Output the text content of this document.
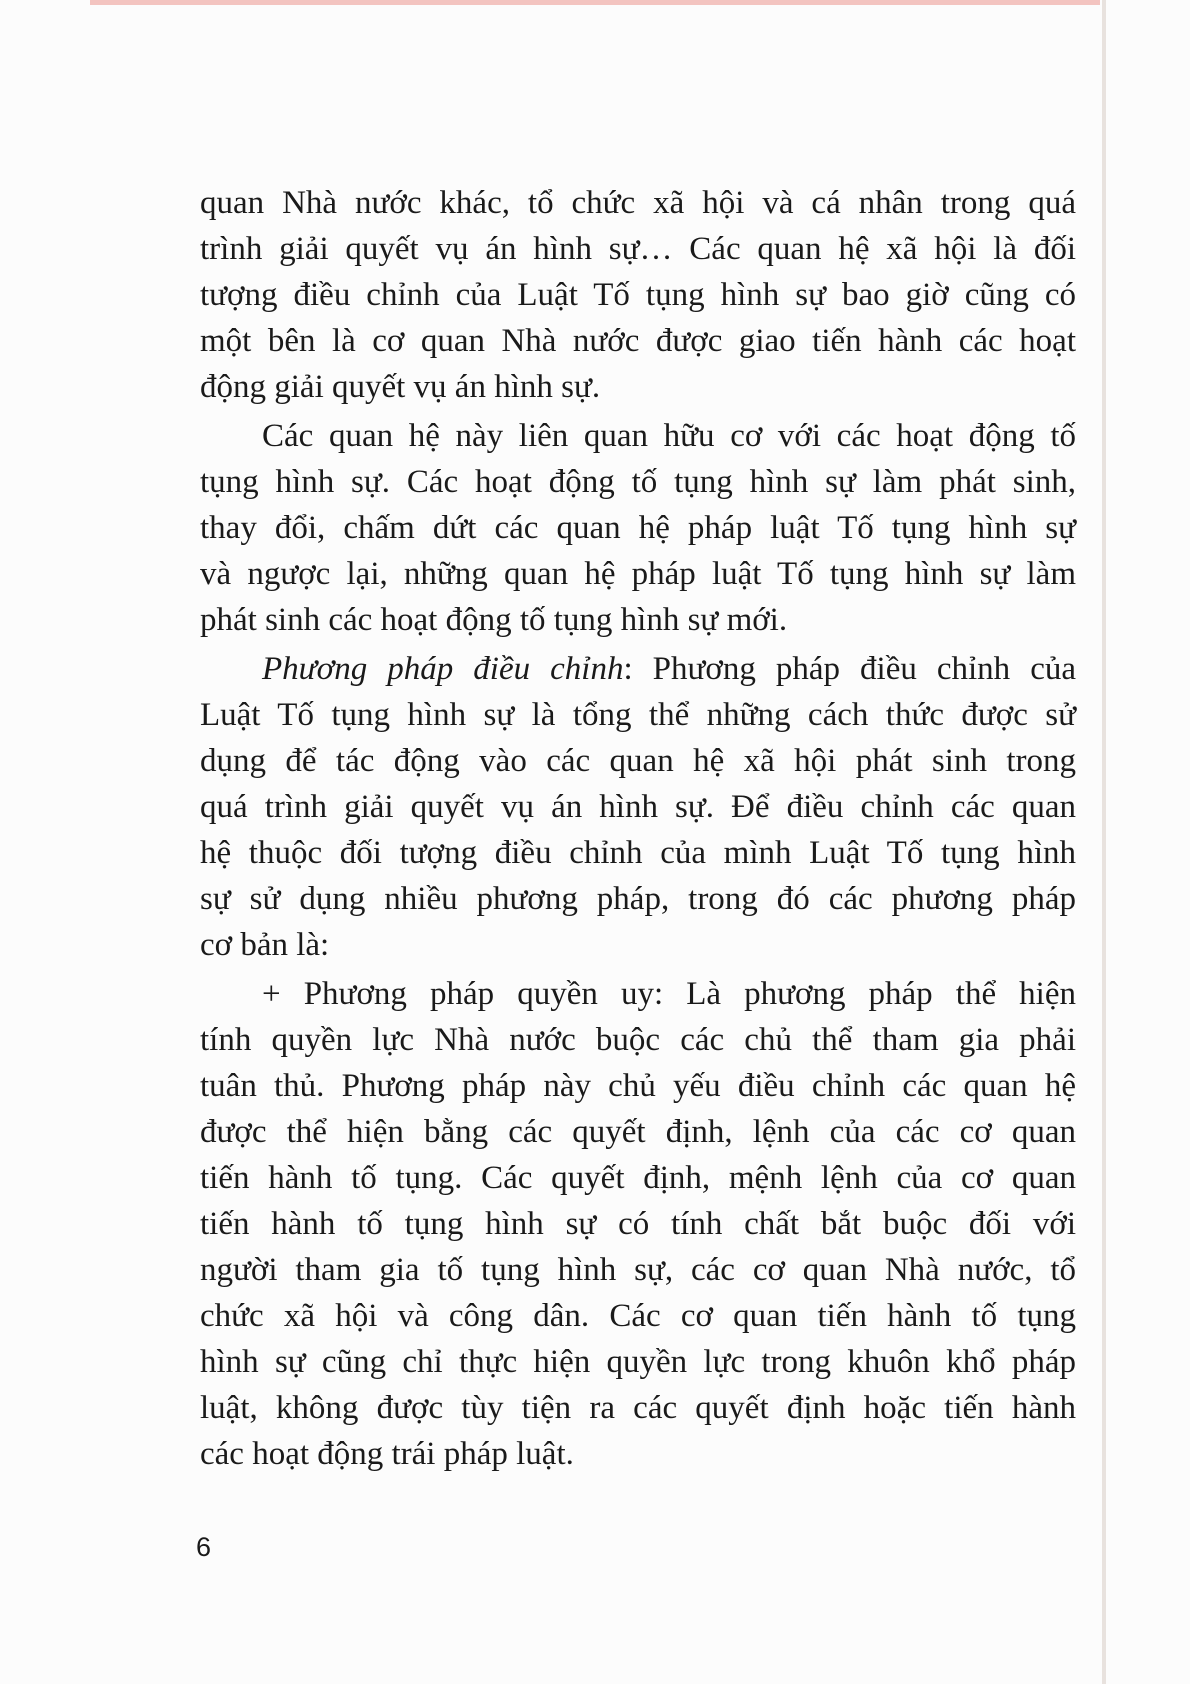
quan Nhà nước khác, tổ chức xã hội và cá nhân trong quá
trình giải quyết vụ án hình sự… Các quan hệ xã hội là đối
tượng điều chỉnh của Luật Tố tụng hình sự bao giờ cũng có
một bên là cơ quan Nhà nước được giao tiến hành các hoạt
động giải quyết vụ án hình sự.
Các quan hệ này liên quan hữu cơ với các hoạt động tố
tụng hình sự. Các hoạt động tố tụng hình sự làm phát sinh,
thay đổi, chấm dứt các quan hệ pháp luật Tố tụng hình sự
và ngược lại, những quan hệ pháp luật Tố tụng hình sự làm
phát sinh các hoạt động tố tụng hình sự mới.
Phương pháp điều chỉnh: Phương pháp điều chỉnh của
Luật Tố tụng hình sự là tổng thể những cách thức được sử
dụng để tác động vào các quan hệ xã hội phát sinh trong
quá trình giải quyết vụ án hình sự. Để điều chỉnh các quan
hệ thuộc đối tượng điều chỉnh của mình Luật Tố tụng hình
sự sử dụng nhiều phương pháp, trong đó các phương pháp
cơ bản là:
+ Phương pháp quyền uy: Là phương pháp thể hiện
tính quyền lực Nhà nước buộc các chủ thể tham gia phải
tuân thủ. Phương pháp này chủ yếu điều chỉnh các quan hệ
được thể hiện bằng các quyết định, lệnh của các cơ quan
tiến hành tố tụng. Các quyết định, mệnh lệnh của cơ quan
tiến hành tố tụng hình sự có tính chất bắt buộc đối với
người tham gia tố tụng hình sự, các cơ quan Nhà nước, tổ
chức xã hội và công dân. Các cơ quan tiến hành tố tụng
hình sự cũng chỉ thực hiện quyền lực trong khuôn khổ pháp
luật, không được tùy tiện ra các quyết định hoặc tiến hành
các hoạt động trái pháp luật.
6
